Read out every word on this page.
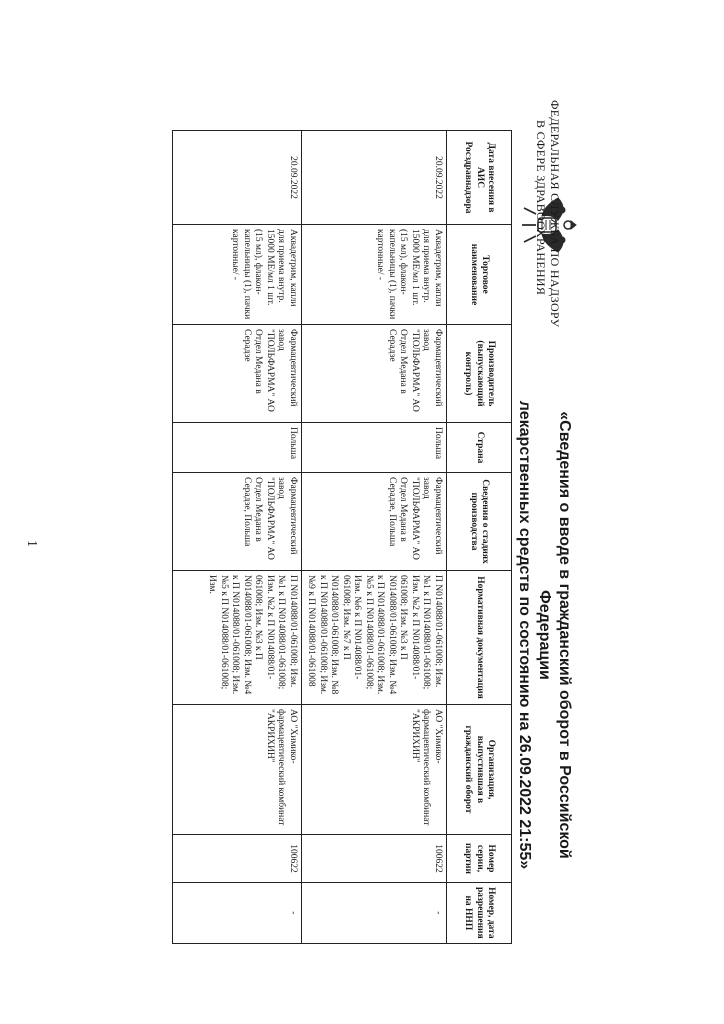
ФЕДЕРАЛЬНАЯ СЛУЖБА ПО НАДЗОРУ
В СФЕРЕ ЗДРАВООХРАНЕНИЯ
«Сведения о вводе в гражданский оборот в Российской Федерации
лекарственных средств по состоянию на 26.09.2022 21:55»
Дата внесения в АИС Росздравнадзора	Торговое наименование	Производитель (выпускающий контроль)	Страна	Сведения о стадиях производства	Нормативная документация	Организация, выпустившая в гражданский оборот	Номер серии, партии	Номер, дата разрешения на ННП
20.09.2022	Аквадетрим, капли для приема внутр. 15000 МЕ/мл 1 шт. (15 мл), флакон-капельницы (1), пачки картонные/ -	Фармацевтический завод "ПОЛЬФАРМА" АО Отдел Медана в Серадзе	Польша	Фармацевтический завод "ПОЛЬФАРМА" АО Отдел Медана в Серадзе, Польша	П N014088/01-061008; Изм. №1 к П N014088/01-061008; Изм. №2 к П N014088/01-061008; Изм. №3 к П N014088/01-061008; Изм. №4 к П N014088/01-061008; Изм. №5 к П N014088/01-061008; Изм. №6 к П N014088/01-061008; Изм. №7 к П N014088/01-061008; Изм. №8 к П N014088/01-061008; Изм. №9 к П N014088/01-061008	АО "Химико-фармацевтический комбинат "АКРИХИН"	100622	-
20.09.2022	Аквадетрим, капли для приема внутр. 15000 МЕ/мл 1 шт. (15 мл), флакон-капельницы (1), пачки картонные/ -	Фармацевтический завод "ПОЛЬФАРМА" АО Отдел Медана в Серадзе	Польша	Фармацевтический завод "ПОЛЬФАРМА" АО Отдел Медана в Серадзе, Польша	П N014088/01-061008; Изм. №1 к П N014088/01-061008; Изм. №2 к П N014088/01-061008; Изм. №3 к П N014088/01-061008; Изм. №4 к П N014088/01-061008; Изм. №5 к П N014088/01-061008; Изм.	АО "Химико-фармацевтический комбинат "АКРИХИН"	100622	-
1
